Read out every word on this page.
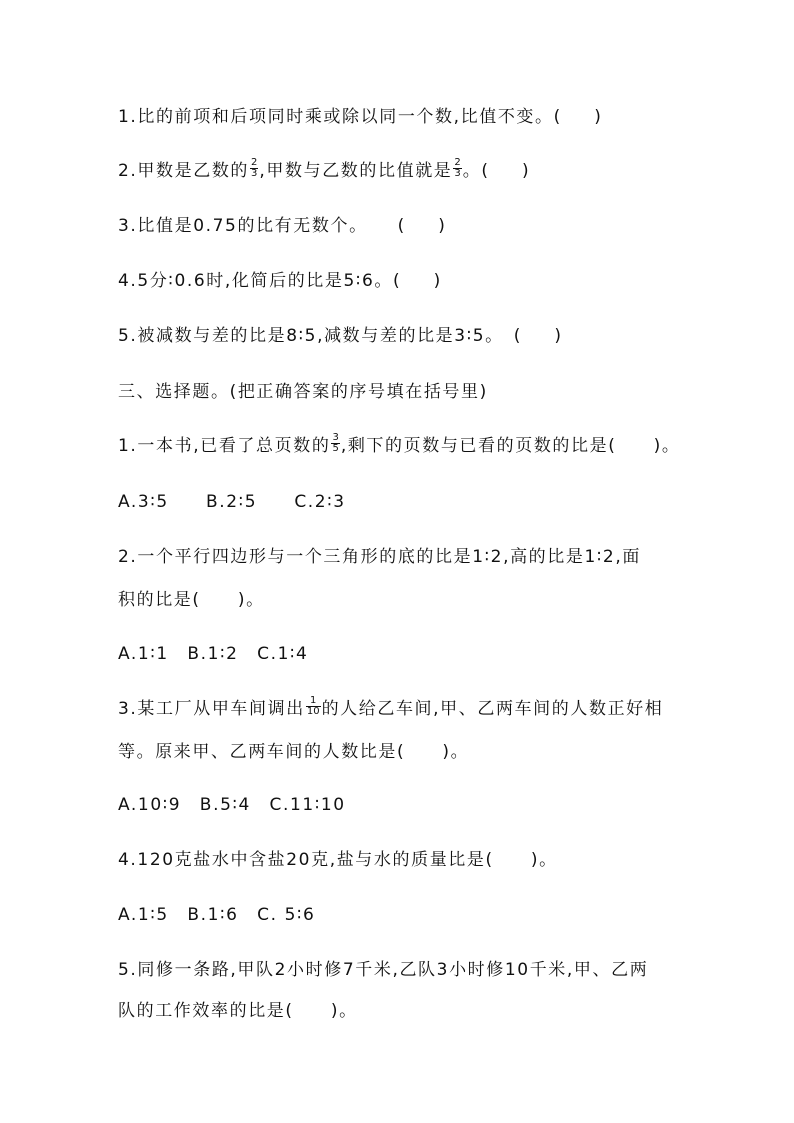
1.比的前项和后项同时乘或除以同一个数,比值不变。(　　)
2.甲数是乙数的 $\frac{2}{3}$ ,甲数与乙数的比值就是 $\frac{2}{3}$ 。(　　)
3.比值是0.75的比有无数个。 (　　)
4.5分∶0.6时,化简后的比是5∶6。(　　)
5.被减数与差的比是8∶5,减数与差的比是3∶5。 (　　)
三、选择题。(把正确答案的序号填在括号里)
1.一本书,已看了总页数的 $\frac{3}{5}$ ,剩下的页数与已看的页数的比是(　　)。
A.3∶5　　B.2∶5　　C.2∶3
2.一个平行四边形与一个三角形的底的比是1∶2,高的比是1∶2,面
积的比是(　　)。
A.1∶1　B.1∶2　C.1∶4
3.某工厂从甲车间调出 $\frac{1}{10}$ 的人给乙车间,甲、乙两车间的人数正好相
等。原来甲、乙两车间的人数比是(　　)。
A.10∶9　B.5∶4　C.11∶10
4.120克盐水中含盐20克,盐与水的质量比是(　　)。
A.1∶5　B.1∶6　C. 5∶6
5.同修一条路,甲队2小时修7千米,乙队3小时修10千米,甲、乙两
队的工作效率的比是(　　)。
